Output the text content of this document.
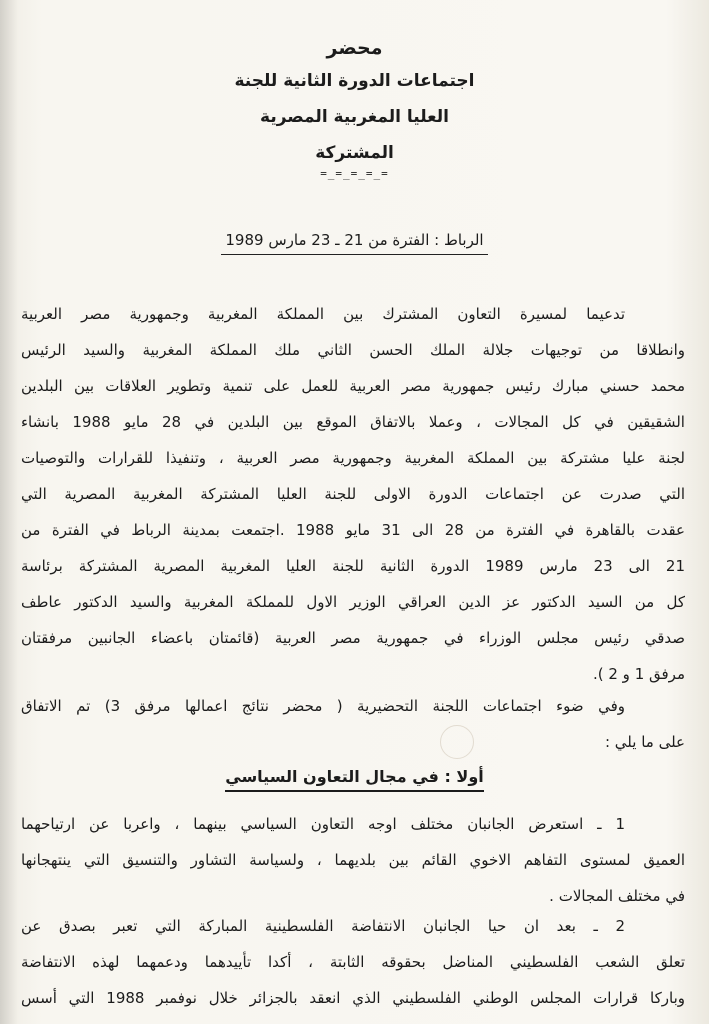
محضر
اجتماعات الدورة الثانية للجنة
العليا المغربية المصرية
المشتركة
=_=_=_=_=
الرباط : الفترة من 21 ـ 23 مارس 1989
تدعيما لمسيرة التعاون المشترك بين المملكة المغربية وجمهورية مصر العربية
وانطلاقا من توجيهات جلالة الملك الحسن الثاني ملك المملكة المغربية والسيد الرئيس
محمد حسني مبارك رئيس جمهورية مصر العربية للعمل على تنمية وتطوير العلاقات بين البلدين
الشقيقين في كل المجالات ، وعملا بالاتفاق الموقع بين البلدين في 28 مايو 1988 بانشاء
لجنة عليا مشتركة بين المملكة المغربية وجمهورية مصر العربية ، وتنفيذا للقرارات والتوصيات
التي صدرت عن اجتماعات الدورة الاولى للجنة العليا المشتركة المغربية المصرية التي
عقدت بالقاهرة في الفترة من 28 الى 31 مايو 1988 .اجتمعت بمدينة الرباط في الفترة من
21 الى 23 مارس 1989 الدورة الثانية للجنة العليا المغربية المصرية المشتركة برئاسة
كل من السيد الدكتور عز الدين العراقي الوزير الاول للمملكة المغربية والسيد الدكتور عاطف
صدقي رئيس مجلس الوزراء في جمهورية مصر العربية (قائمتان باعضاء الجانبين مرفقتان
مرفق 1 و 2 ).
وفي ضوء اجتماعات اللجنة التحضيرية ( محضر نتائج اعمالها مرفق 3) تم الاتفاق
على ما يلي :
أولا : في مجال التعاون السياسي
1 ـ استعرض الجانبان مختلف اوجه التعاون السياسي بينهما ، واعربا عن ارتياحهما
العميق لمستوى التفاهم الاخوي القائم بين بلديهما ، ولسياسة التشاور والتنسيق التي ينتهجانها
في مختلف المجالات .
2 ـ بعد ان حيا الجانبان الانتفاضة الفلسطينية المباركة التي تعبر بصدق عن
تعلق الشعب الفلسطيني المناضل بحقوقه الثابتة ، أكدا تأييدهما ودعمهما لهذه الانتفاضة
وباركا قرارات المجلس الوطني الفلسطيني الذي انعقد بالجزائر خلال نوفمبر 1988 التي أسس
